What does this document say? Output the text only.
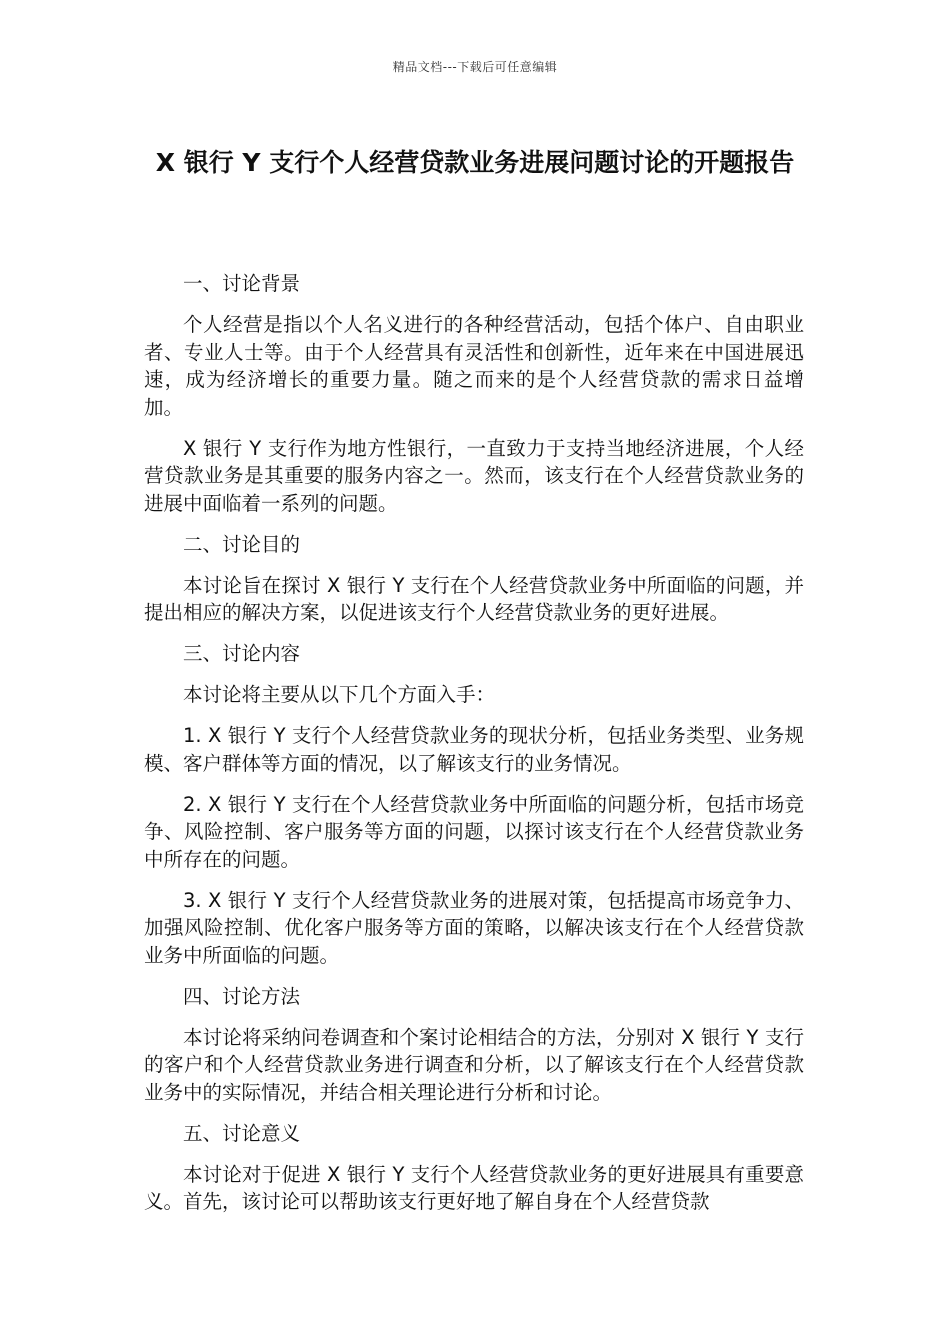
精品文档---下载后可任意编辑
X 银行 Y 支行个人经营贷款业务进展问题讨论的开题报告

一、讨论背景

个人经营是指以个人名义进行的各种经营活动，包括个体户、自由职业者、专业人士等。由于个人经营具有灵活性和创新性，近年来在中国进展迅速，成为经济增长的重要力量。随之而来的是个人经营贷款的需求日益增加。

X 银行 Y 支行作为地方性银行，一直致力于支持当地经济进展，个人经营贷款业务是其重要的服务内容之一。然而，该支行在个人经营贷款业务的进展中面临着一系列的问题。

二、讨论目的

本讨论旨在探讨 X 银行 Y 支行在个人经营贷款业务中所面临的问题，并提出相应的解决方案，以促进该支行个人经营贷款业务的更好进展。

三、讨论内容

本讨论将主要从以下几个方面入手：

1. X 银行 Y 支行个人经营贷款业务的现状分析，包括业务类型、业务规模、客户群体等方面的情况，以了解该支行的业务情况。

2. X 银行 Y 支行在个人经营贷款业务中所面临的问题分析，包括市场竞争、风险控制、客户服务等方面的问题，以探讨该支行在个人经营贷款业务中所存在的问题。

3. X 银行 Y 支行个人经营贷款业务的进展对策，包括提高市场竞争力、加强风险控制、优化客户服务等方面的策略，以解决该支行在个人经营贷款业务中所面临的问题。

四、讨论方法

本讨论将采纳问卷调查和个案讨论相结合的方法，分别对 X 银行 Y 支行的客户和个人经营贷款业务进行调查和分析，以了解该支行在个人经营贷款业务中的实际情况，并结合相关理论进行分析和讨论。

五、讨论意义

本讨论对于促进 X 银行 Y 支行个人经营贷款业务的更好进展具有重要意义。首先，该讨论可以帮助该支行更好地了解自身在个人经营贷款
